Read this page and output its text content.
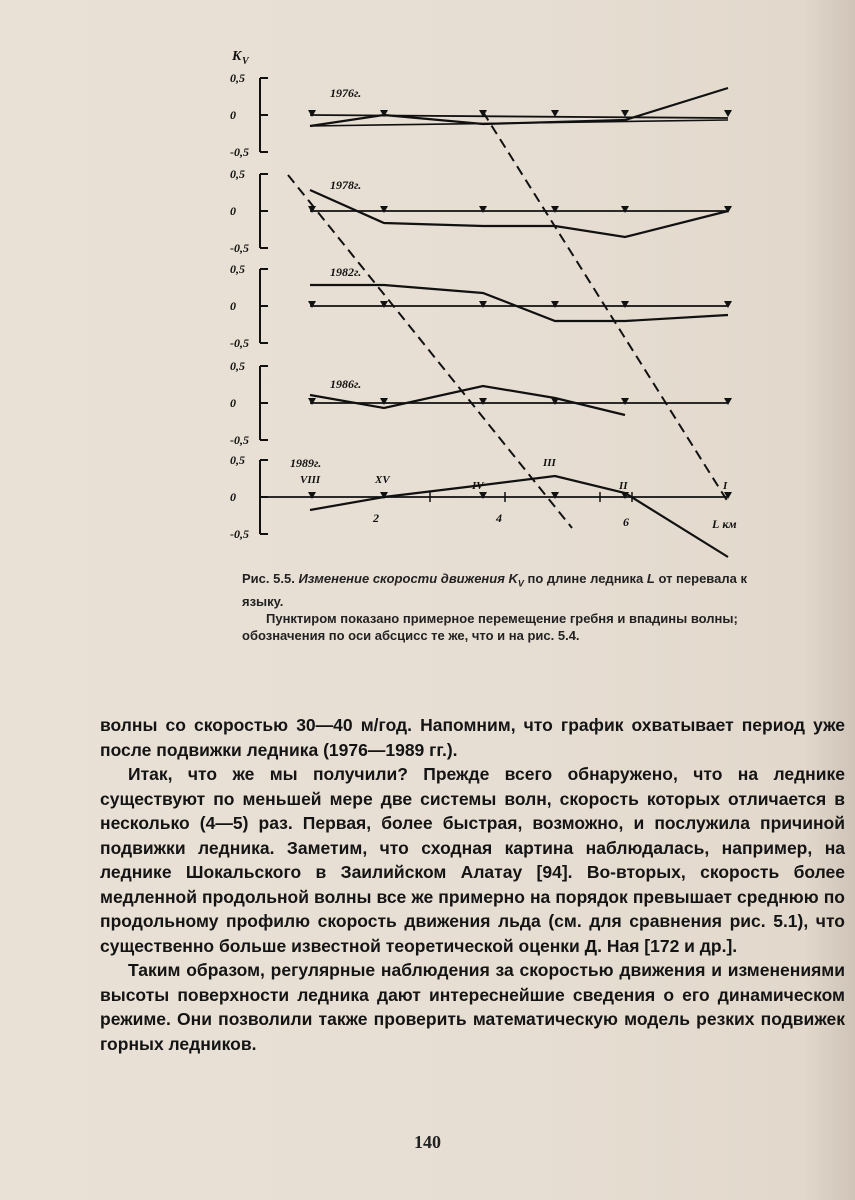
K V
0,5
0
-0,5
1976г.
0,5
0
-0,5
1978г.
0,5
0
-0,5
1982г.
0,5
0
-0,5
1986г.
0,5
0
-0,5
1989г.
2	4	6	L км
VIII	XV	IV
III
II	I
Рис. 5.5. Изменение скорости движения $K_V$ по длине ледника L от перевала к языку.
Пунктиром показано примерное перемещение гребня и впадины волны; обозначения по оси абсцисс те же, что и на рис. 5.4.

волны со скоростью 30—40 м/год. Напомним, что график охватывает период уже после подвижки ледника (1976—1989 гг.).

Итак, что же мы получили? Прежде всего обнаружено, что на леднике существуют по меньшей мере две системы волн, скорость которых отличается в несколько (4—5) раз. Первая, более быстрая, возможно, и послужила причиной подвижки ледника. Заметим, что сходная картина наблюдалась, например, на леднике Шокальского в Заилийском Алатау [94]. Во-вторых, скорость более медленной продольной волны все же примерно на порядок превышает среднюю по продольному профилю скорость движения льда (см. для сравнения рис. 5.1), что существенно больше известной теоретической оценки Д. Ная [172 и др.].

Таким образом, регулярные наблюдения за скоростью движения и изменениями высоты поверхности ледника дают интереснейшие сведения о его динамическом режиме. Они позволили также проверить математическую модель резких подвижек горных ледников.

140
